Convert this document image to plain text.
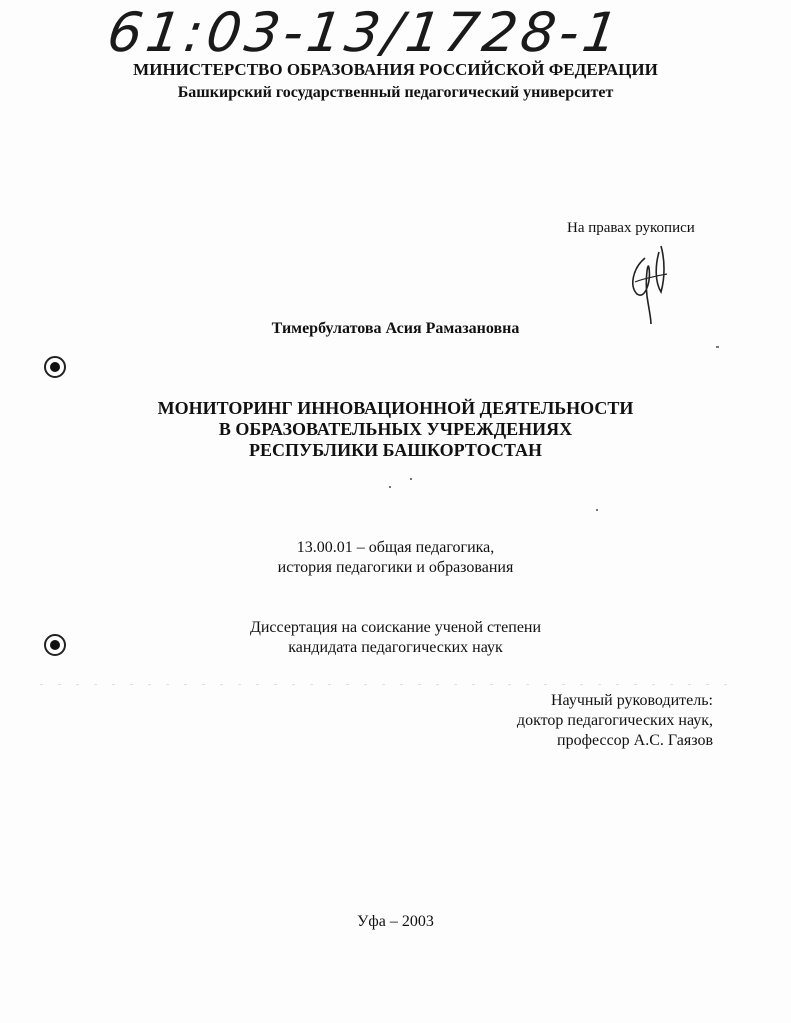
61:03-13/1728-1
МИНИСТЕРСТВО ОБРАЗОВАНИЯ РОССИЙСКОЙ ФЕДЕРАЦИИ
Башкирский государственный педагогический университет
На правах рукописи
Тимербулатова Асия Рамазановна
МОНИТОРИНГ ИННОВАЦИОННОЙ ДЕЯТЕЛЬНОСТИ
В ОБРАЗОВАТЕЛЬНЫХ УЧРЕЖДЕНИЯХ
РЕСПУБЛИКИ БАШКОРТОСТАН
13.00.01 – общая педагогика,
история педагогики и образования
Диссертация на соискание ученой степени
кандидата педагогических наук
Научный руководитель:
доктор педагогических наук,
профессор А.С. Гаязов
Уфа – 2003
